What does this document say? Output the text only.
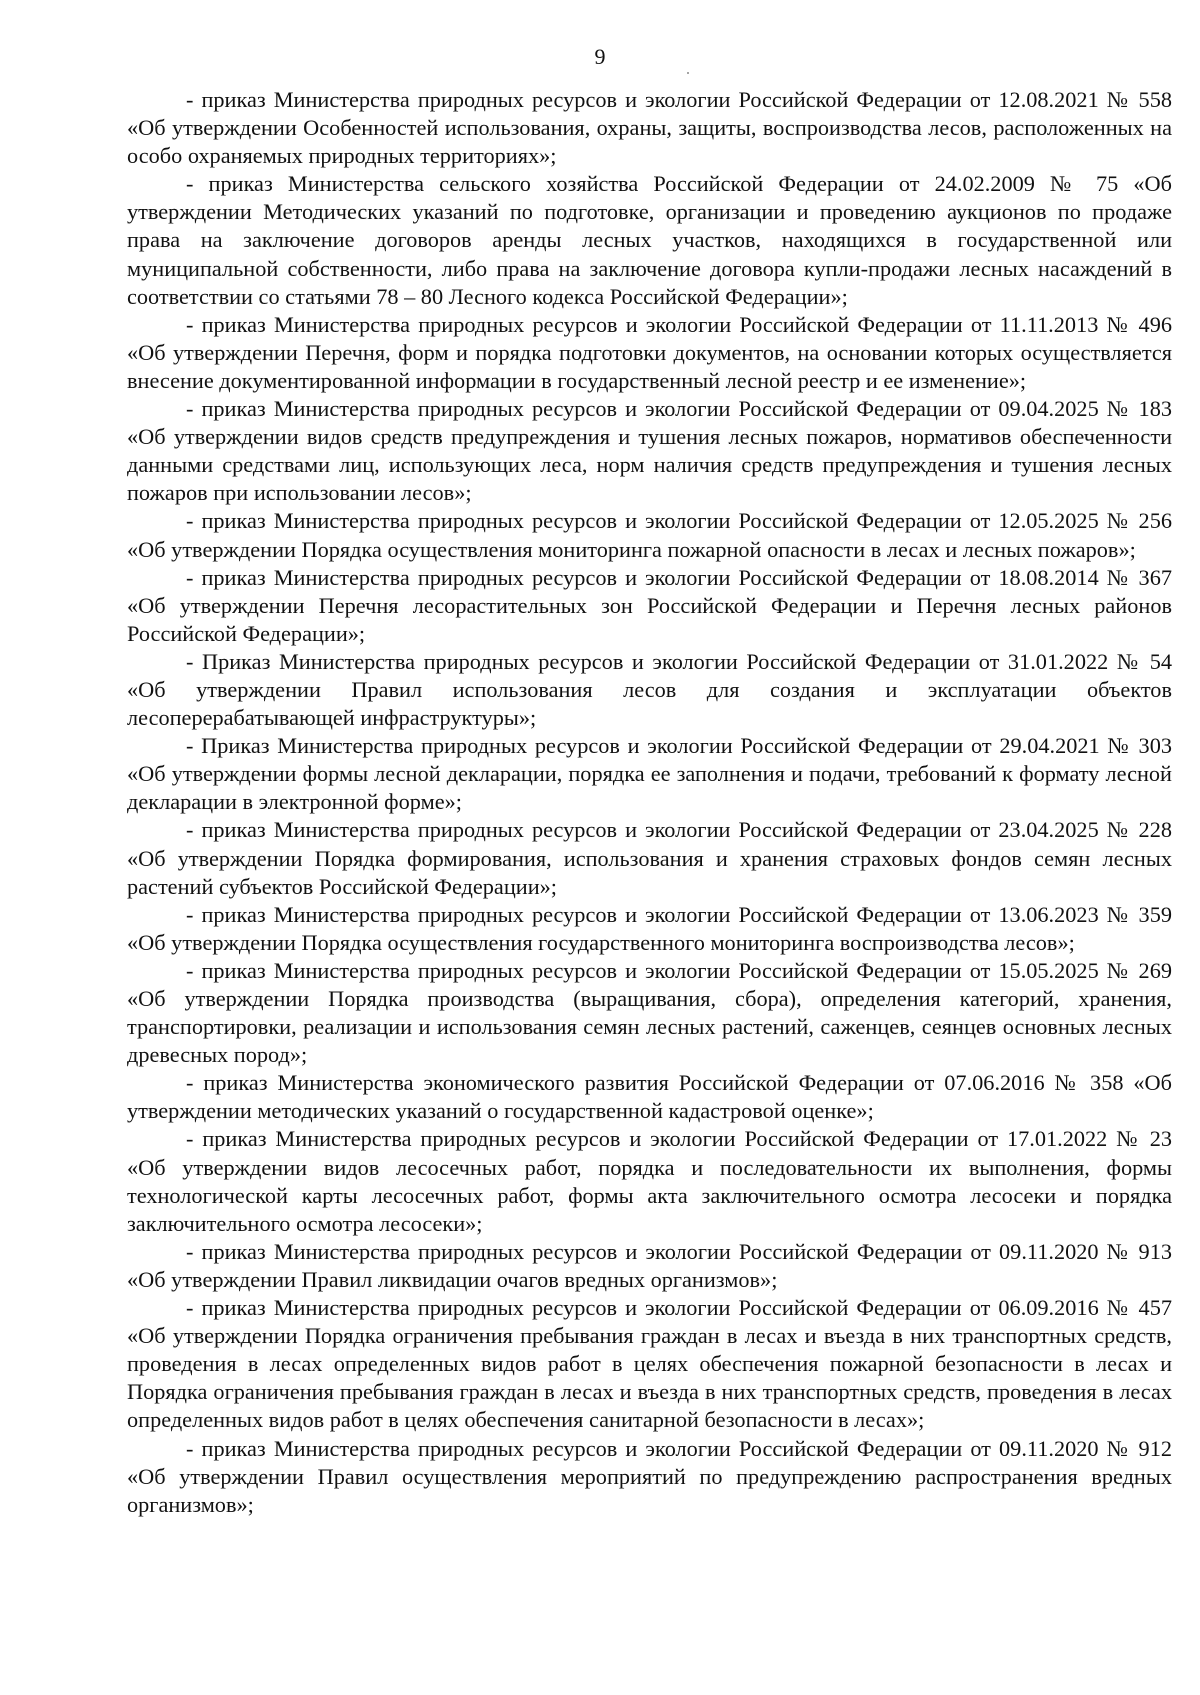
9

- приказ Министерства природных ресурсов и экологии Российской Федерации от 12.08.2021 № 558 «Об утверждении Особенностей использования, охраны, защиты, воспроизводства лесов, расположенных на особо охраняемых природных территориях»;

- приказ Министерства сельского хозяйства Российской Федерации от 24.02.2009 № 75 «Об утверждении Методических указаний по подготовке, организации и проведению аукционов по продаже права на заключение договоров аренды лесных участков, находящихся в государственной или муниципальной собственности, либо права на заключение договора купли-продажи лесных насаждений в соответствии со статьями 78 – 80 Лесного кодекса Российской Федерации»;

- приказ Министерства природных ресурсов и экологии Российской Федерации от 11.11.2013 № 496 «Об утверждении Перечня, форм и порядка подготовки документов, на основании которых осуществляется внесение документированной информации в государственный лесной реестр и ее изменение»;

- приказ Министерства природных ресурсов и экологии Российской Федерации от 09.04.2025 № 183 «Об утверждении видов средств предупреждения и тушения лесных пожаров, нормативов обеспеченности данными средствами лиц, использующих леса, норм наличия средств предупреждения и тушения лесных пожаров при использовании лесов»;

- приказ Министерства природных ресурсов и экологии Российской Федерации от 12.05.2025 № 256 «Об утверждении Порядка осуществления мониторинга пожарной опасности в лесах и лесных пожаров»;

- приказ Министерства природных ресурсов и экологии Российской Федерации от 18.08.2014 № 367 «Об утверждении Перечня лесорастительных зон Российской Федерации и Перечня лесных районов Российской Федерации»;

- Приказ Министерства природных ресурсов и экологии Российской Федерации от 31.01.2022 № 54 «Об утверждении Правил использования лесов для создания и эксплуатации объектов лесоперерабатывающей инфраструктуры»;

- Приказ Министерства природных ресурсов и экологии Российской Федерации от 29.04.2021 № 303 «Об утверждении формы лесной декларации, порядка ее заполнения и подачи, требований к формату лесной декларации в электронной форме»;

- приказ Министерства природных ресурсов и экологии Российской Федерации от 23.04.2025 № 228 «Об утверждении Порядка формирования, использования и хранения страховых фондов семян лесных растений субъектов Российской Федерации»;

- приказ Министерства природных ресурсов и экологии Российской Федерации от 13.06.2023 № 359 «Об утверждении Порядка осуществления государственного мониторинга воспроизводства лесов»;

- приказ Министерства природных ресурсов и экологии Российской Федерации от 15.05.2025 № 269 «Об утверждении Порядка производства (выращивания, сбора), определения категорий, хранения, транспортировки, реализации и использования семян лесных растений, саженцев, сеянцев основных лесных древесных пород»;

- приказ Министерства экономического развития Российской Федерации от 07.06.2016 № 358 «Об утверждении методических указаний о государственной кадастровой оценке»;

- приказ Министерства природных ресурсов и экологии Российской Федерации от 17.01.2022 № 23 «Об утверждении видов лесосечных работ, порядка и последовательности их выполнения, формы технологической карты лесосечных работ, формы акта заключительного осмотра лесосеки и порядка заключительного осмотра лесосеки»;

- приказ Министерства природных ресурсов и экологии Российской Федерации от 09.11.2020 № 913 «Об утверждении Правил ликвидации очагов вредных организмов»;

- приказ Министерства природных ресурсов и экологии Российской Федерации от 06.09.2016 № 457 «Об утверждении Порядка ограничения пребывания граждан в лесах и въезда в них транспортных средств, проведения в лесах определенных видов работ в целях обеспечения пожарной безопасности в лесах и Порядка ограничения пребывания граждан в лесах и въезда в них транспортных средств, проведения в лесах определенных видов работ в целях обеспечения санитарной безопасности в лесах»;

- приказ Министерства природных ресурсов и экологии Российской Федерации от 09.11.2020 № 912 «Об утверждении Правил осуществления мероприятий по предупреждению распространения вредных организмов»;
